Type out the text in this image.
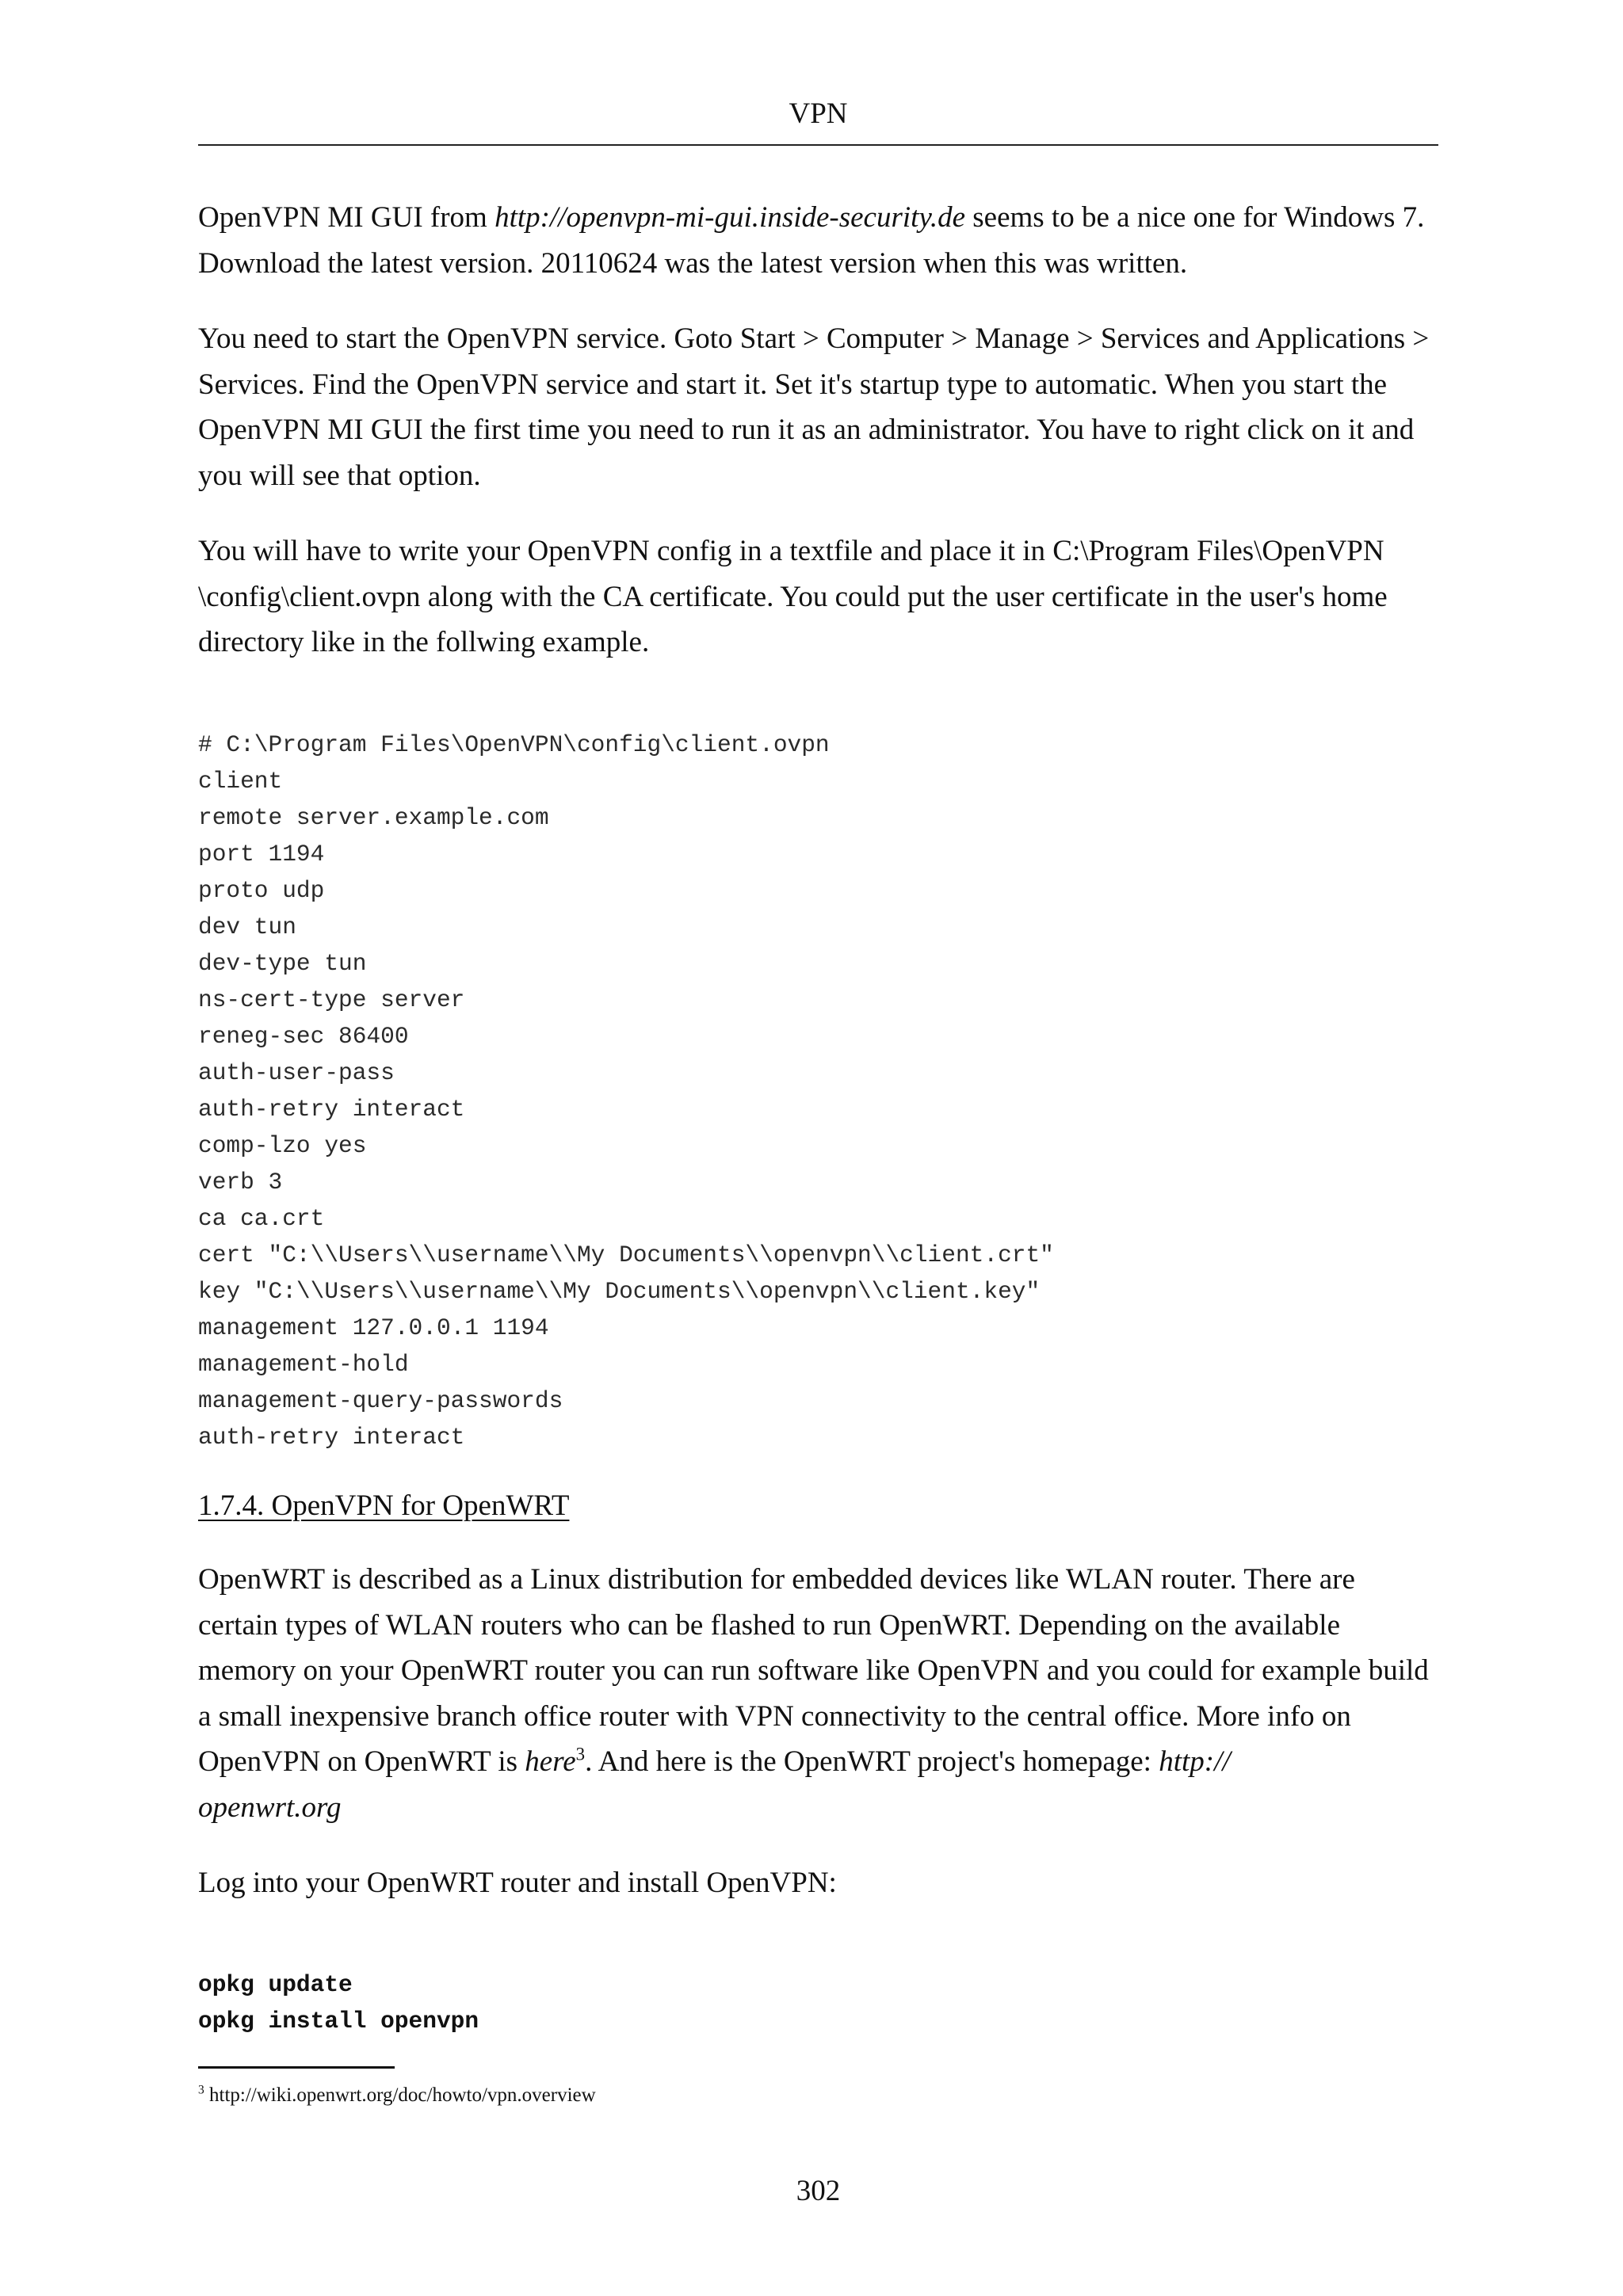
VPN

OpenVPN MI GUI from http://openvpn-mi-gui.inside-security.de seems to be a nice one for Windows 7. Download the latest version. 20110624 was the latest version when this was written.

You need to start the OpenVPN service. Goto Start > Computer > Manage > Services and Applications > Services. Find the OpenVPN service and start it. Set it's startup type to automatic. When you start the OpenVPN MI GUI the first time you need to run it as an administrator. You have to right click on it and you will see that option.

You will have to write your OpenVPN config in a textfile and place it in C:\Program Files\OpenVPN \config\client.ovpn along with the CA certificate. You could put the user certificate in the user's home directory like in the follwing example.

# C:\Program Files\OpenVPN\config\client.ovpn
client
remote server.example.com
port 1194
proto udp
dev tun
dev-type tun
ns-cert-type server
reneg-sec 86400
auth-user-pass
auth-retry interact
comp-lzo yes
verb 3
ca ca.crt
cert "C:\\Users\\username\\My Documents\\openvpn\\client.crt"
key "C:\\Users\\username\\My Documents\\openvpn\\client.key"
management 127.0.0.1 1194
management-hold
management-query-passwords
auth-retry interact
1.7.4. OpenVPN for OpenWRT

OpenWRT is described as a Linux distribution for embedded devices like WLAN router. There are certain types of WLAN routers who can be flashed to run OpenWRT. Depending on the available memory on your OpenWRT router you can run software like OpenVPN and you could for example build a small inexpensive branch office router with VPN connectivity to the central office. More info on OpenVPN on OpenWRT is here$^3$. And here is the OpenWRT project's homepage: http://
openwrt.org

Log into your OpenWRT router and install OpenVPN:

opkg update
opkg install openvpn
$^3$ http://wiki.openwrt.org/doc/howto/vpn.overview
302
